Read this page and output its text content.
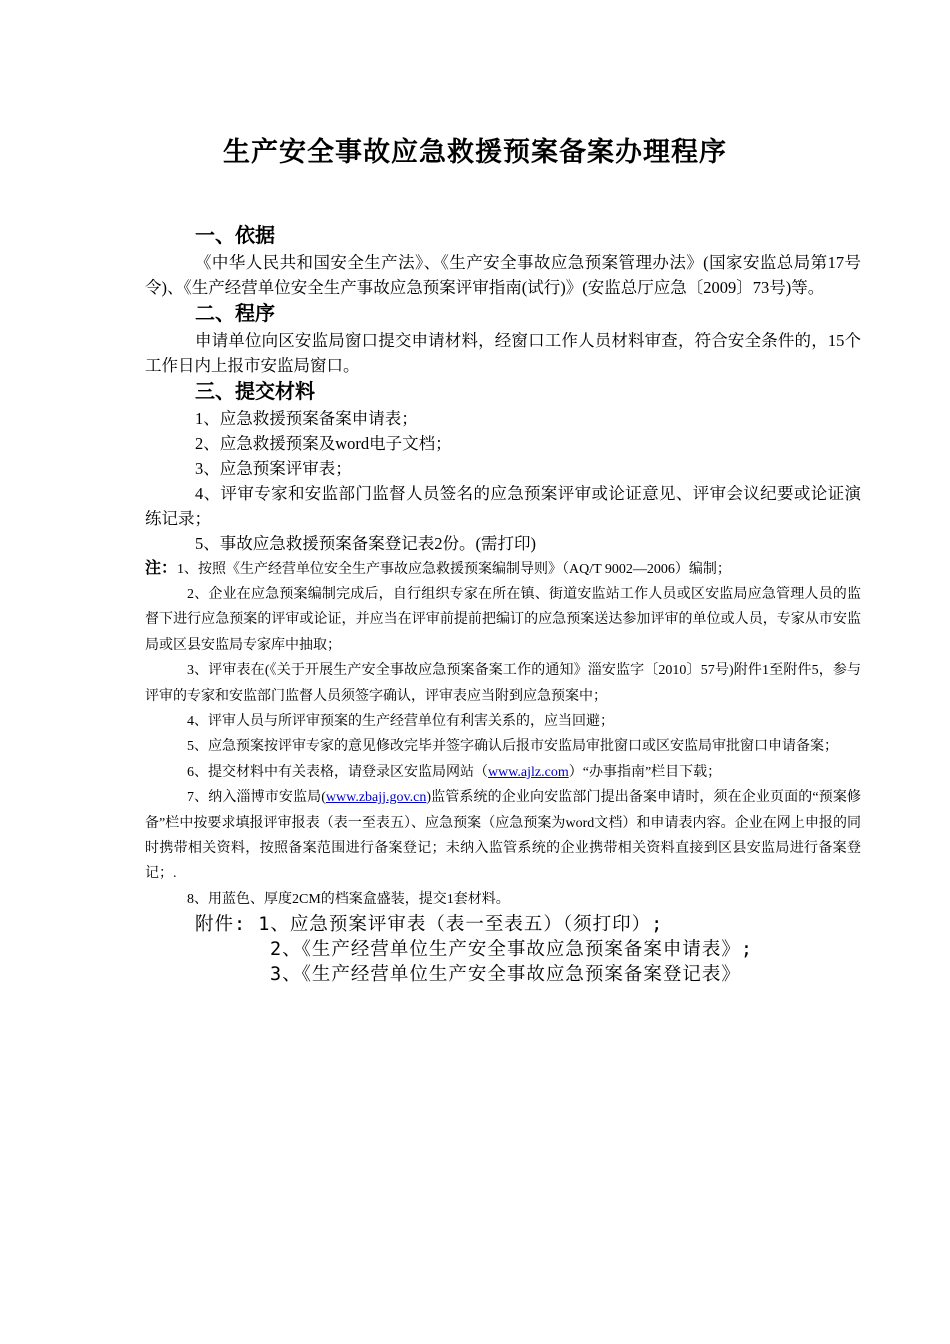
生产安全事故应急救援预案备案办理程序
一、依据

《中华人民共和国安全生产法》、《生产安全事故应急预案管理办法》(国家安监总局第17号令)、《生产经营单位安全生产事故应急预案评审指南(试行)》(安监总厅应急〔2009〕73号)等。

二、程序

申请单位向区安监局窗口提交申请材料，经窗口工作人员材料审查，符合安全条件的，15个工作日内上报市安监局窗口。

三、提交材料

1、应急救援预案备案申请表；

2、应急救援预案及word电子文档；

3、应急预案评审表；

4、评审专家和安监部门监督人员签名的应急预案评审或论证意见、评审会议纪要或论证演练记录；

5、事故应急救援预案备案登记表2份。(需打印)

注：1、按照《生产经营单位安全生产事故应急救援预案编制导则》（AQ/T 9002—2006）编制；

2、企业在应急预案编制完成后，自行组织专家在所在镇、街道安监站工作人员或区安监局应急管理人员的监督下进行应急预案的评审或论证，并应当在评审前提前把编订的应急预案送达参加评审的单位或人员，专家从市安监局或区县安监局专家库中抽取；

3、评审表在(《关于开展生产安全事故应急预案备案工作的通知》淄安监字〔2010〕57号)附件1至附件5，参与评审的专家和安监部门监督人员须签字确认，评审表应当附到应急预案中；

4、评审人员与所评审预案的生产经营单位有利害关系的，应当回避；

5、应急预案按评审专家的意见修改完毕并签字确认后报市安监局审批窗口或区安监局审批窗口申请备案；

6、提交材料中有关表格，请登录区安监局网站（www.ajlz.com）“办事指南”栏目下载；

7、纳入淄博市安监局(www.zbajj.gov.cn)监管系统的企业向安监部门提出备案申请时，须在企业页面的“预案修备”栏中按要求填报评审报表（表一至表五）、应急预案（应急预案为word文档）和申请表内容。企业在网上申报的同时携带相关资料，按照备案范围进行备案登记；未纳入监管系统的企业携带相关资料直接到区县安监局进行备案登记；.

8、用蓝色、厚度2CM的档案盒盛装，提交1套材料。

附件: 1、应急预案评审表（表一至表五）（须打印）;

2、《生产经营单位生产安全事故应急预案备案申请表》;

3、《生产经营单位生产安全事故应急预案备案登记表》
